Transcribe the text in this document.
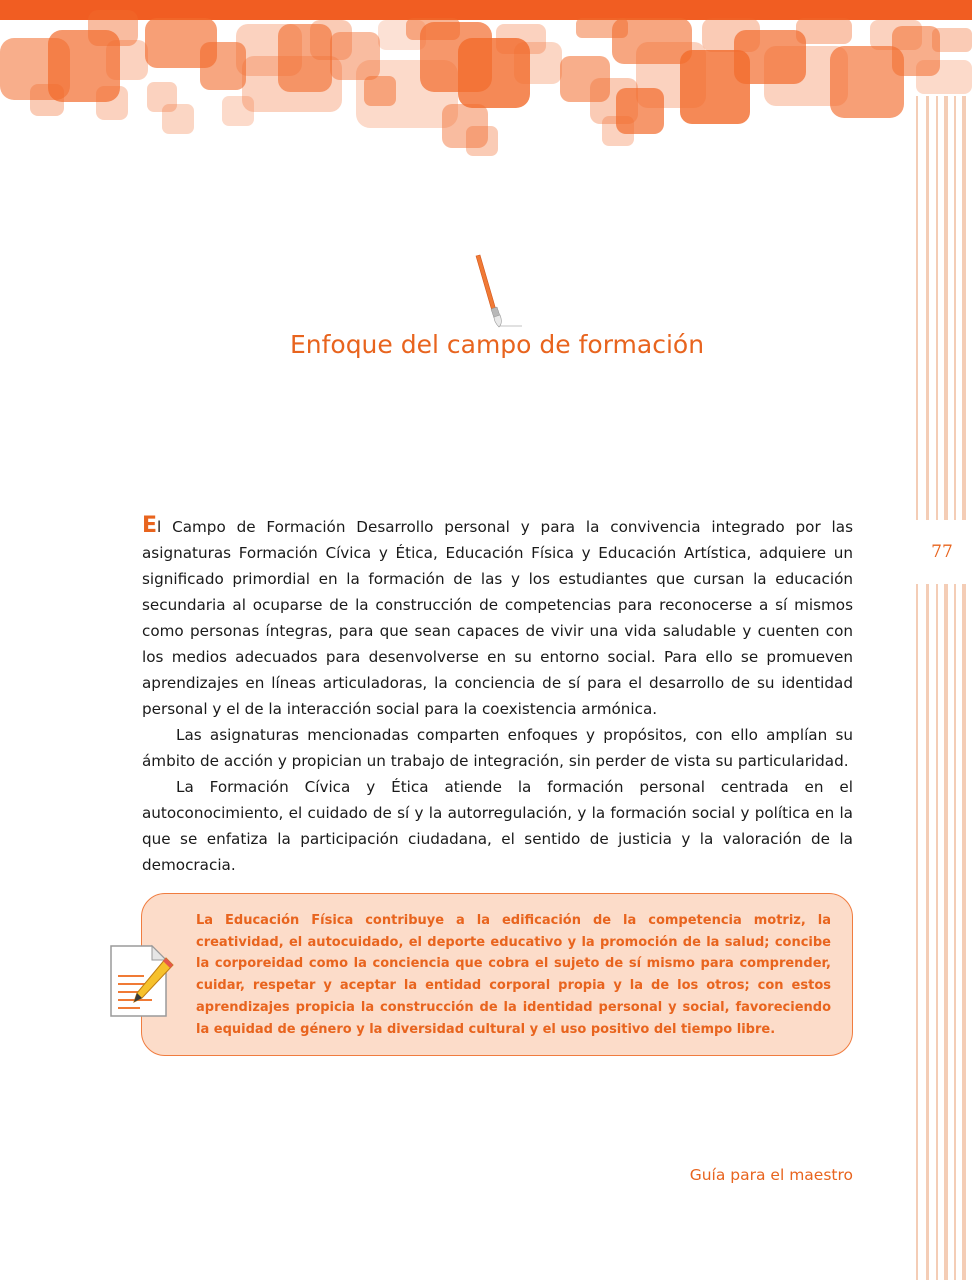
77
Enfoque del campo de formación

El Campo de Formación Desarrollo personal y para la convivencia integrado por las asignaturas Formación Cívica y Ética, Educación Física y Educación Artística, adquiere un significado primordial en la formación de las y los estudiantes que cursan la educación secundaria al ocuparse de la construcción de competencias para reconocerse a sí mismos como personas íntegras, para que sean capaces de vivir una vida saludable y cuenten con los medios adecuados para desenvolverse en su entorno social. Para ello se promueven aprendizajes en líneas articuladoras, la conciencia de sí para el desarrollo de su identidad personal y el de la interacción social para la coexistencia armónica.

Las asignaturas mencionadas comparten enfoques y propósitos, con ello amplían su ámbito de acción y propician un trabajo de integración, sin perder de vista su particularidad.

La Formación Cívica y Ética atiende la formación personal centrada en el autoconocimiento, el cuidado de sí y la autorregulación, y la formación social y política en la que se enfatiza la participación ciudadana, el sentido de justicia y la valoración de la democracia.

La Educación Física contribuye a la edificación de la competencia motriz, la creatividad, el autocuidado, el deporte educativo y la promoción de la salud; concibe la corporeidad como la conciencia que cobra el sujeto de sí mismo para comprender, cuidar, respetar y aceptar la entidad corporal propia y la de los otros; con estos aprendizajes propicia la construcción de la identidad personal y social, favoreciendo la equidad de género y la diversidad cultural y el uso positivo del tiempo libre.

Guía para el maestro
